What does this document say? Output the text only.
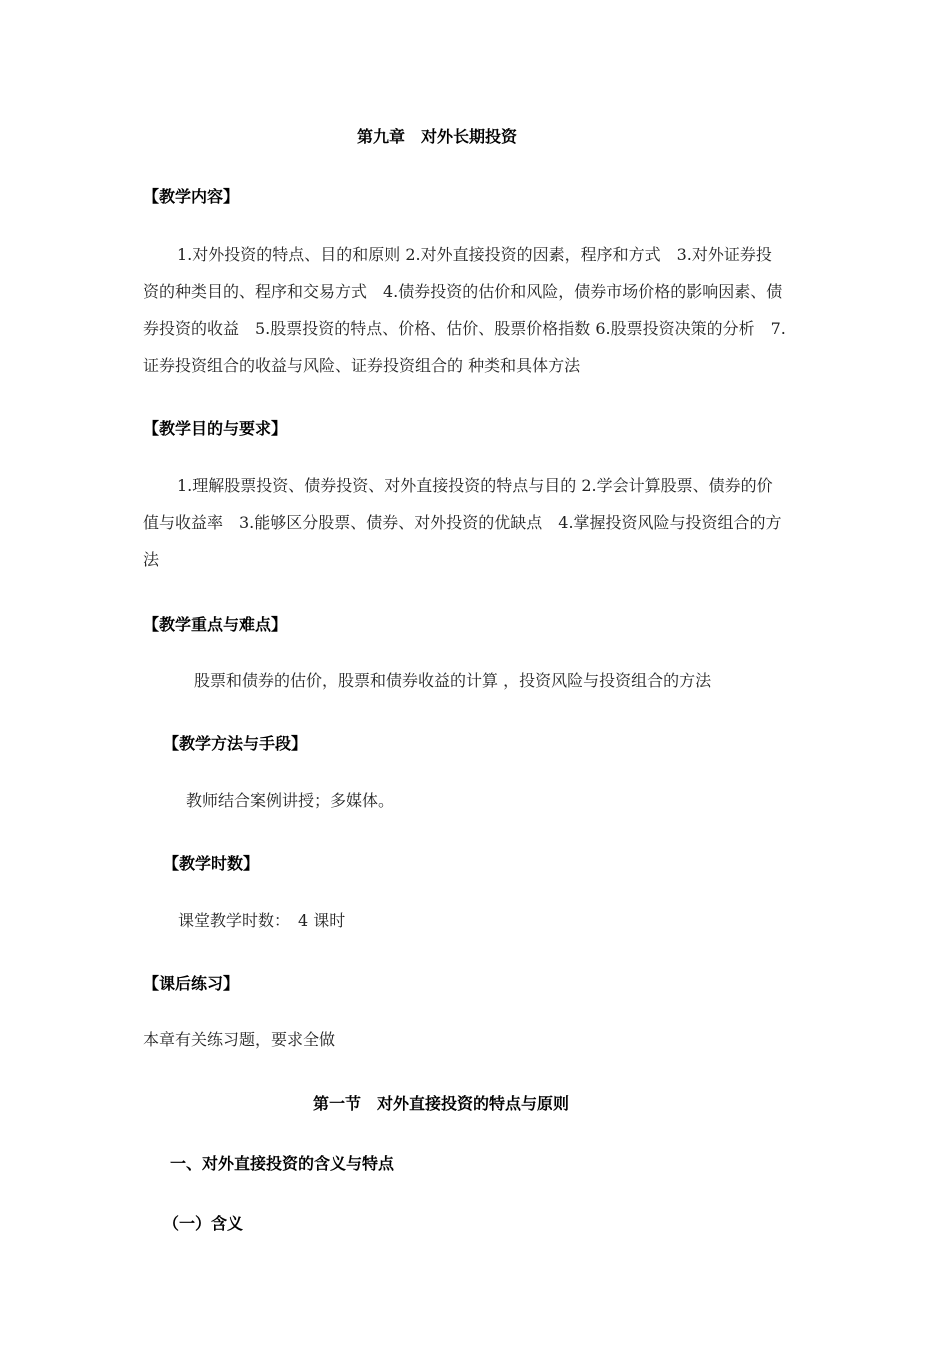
第九章　对外长期投资
【教学内容】
1.对外投资的特点、目的和原则 2.对外直接投资的因素，程序和方式　3.对外证券投
资的种类目的、程序和交易方式　4.债券投资的估价和风险，债券市场价格的影响因素、债
券投资的收益　5.股票投资的特点、价格、估价、股票价格指数 6.股票投资决策的分析　7.
证券投资组合的收益与风险、证券投资组合的 种类和具体方法
【教学目的与要求】
1.理解股票投资、债券投资、对外直接投资的特点与目的 2.学会计算股票、债券的价
值与收益率　3.能够区分股票、债券、对外投资的优缺点　4.掌握投资风险与投资组合的方
法
【教学重点与难点】
股票和债券的估价，股票和债券收益的计算 ，投资风险与投资组合的方法
【教学方法与手段】
教师结合案例讲授；多媒体。
【教学时数】
课堂教学时数：　4 课时
【课后练习】
本章有关练习题，要求全做
第一节　对外直接投资的特点与原则
一、对外直接投资的含义与特点
（一）含义
